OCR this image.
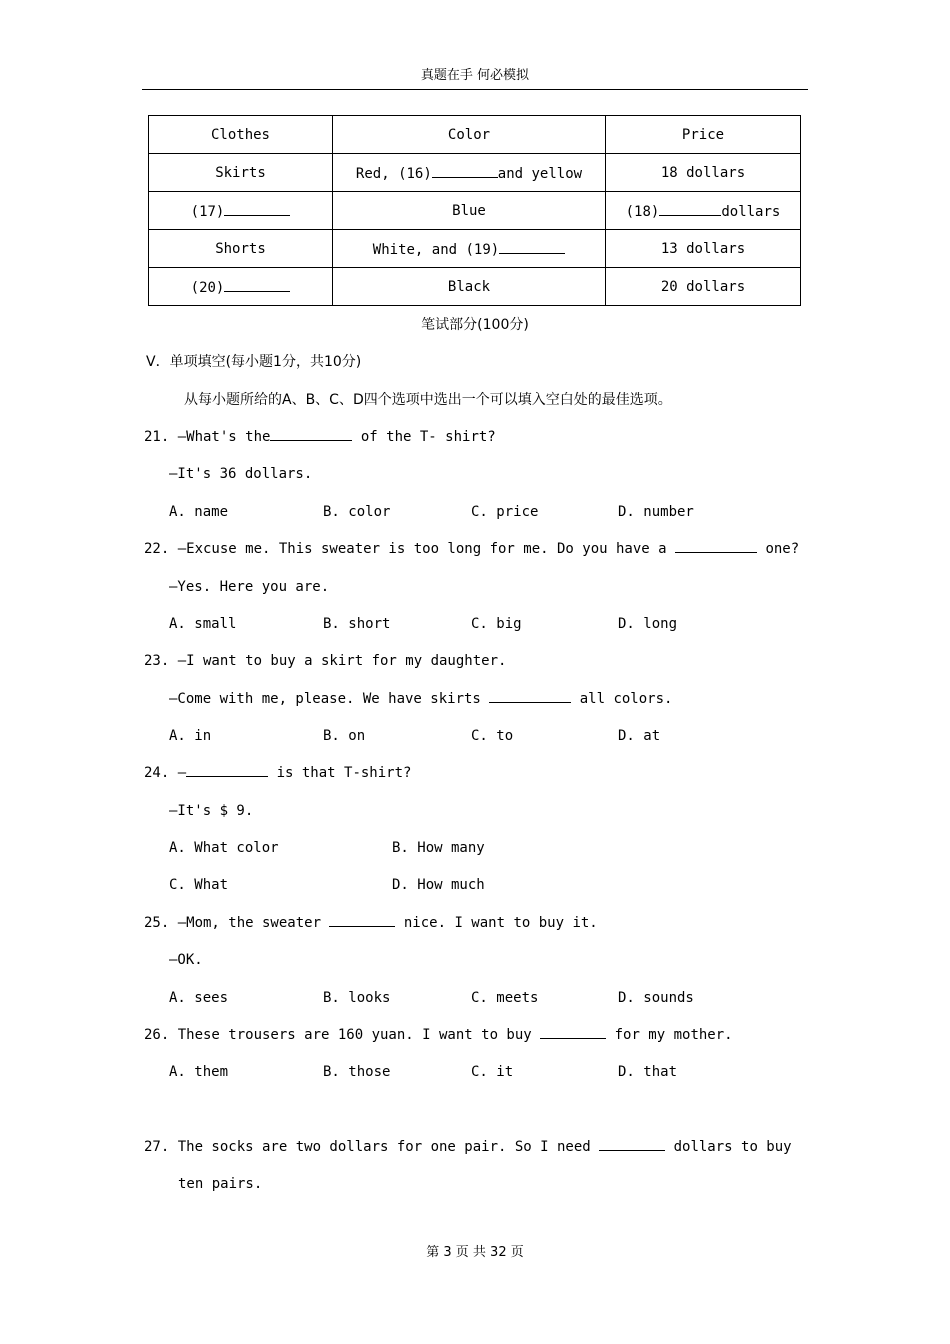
真题在手 何必模拟
Clothes	Color	Price
Skirts	Red, (16) and yellow	18 dollars
(17)	Blue	(18) dollars
Shorts	White, and (19)	13 dollars
(20)	Black	20 dollars
笔试部分(100分)
V．单项填空(每小题1分，共10分)
从每小题所给的A、B、C、D四个选项中选出一个可以填入空白处的最佳选项。
21. —What's the	of the T- shirt?
—It's 36 dollars.
A. name	B. color	C. price	D. number
22. —Excuse me. This sweater is too long for me. Do you have a	one?
—Yes. Here you are.
A. small	B. short	C. big	D. long
23. —I want to buy a skirt for my daughter.
—Come with me, please. We have skirts	all colors.
A. in	B. on	C. to	D. at
24. —	is that T-shirt?
—It's $ 9.
A. What color	B. How many
C. What	D. How much
25. —Mom, the sweater	nice. I want to buy it.
—OK.
A. sees	B. looks	C. meets	D. sounds
26. These trousers are 160 yuan. I want to buy	for my mother.
A. them	B. those	C. it	D. that
27. The socks are two dollars for one pair. So I need	dollars to buy
ten pairs.
第 3 页 共 32 页
